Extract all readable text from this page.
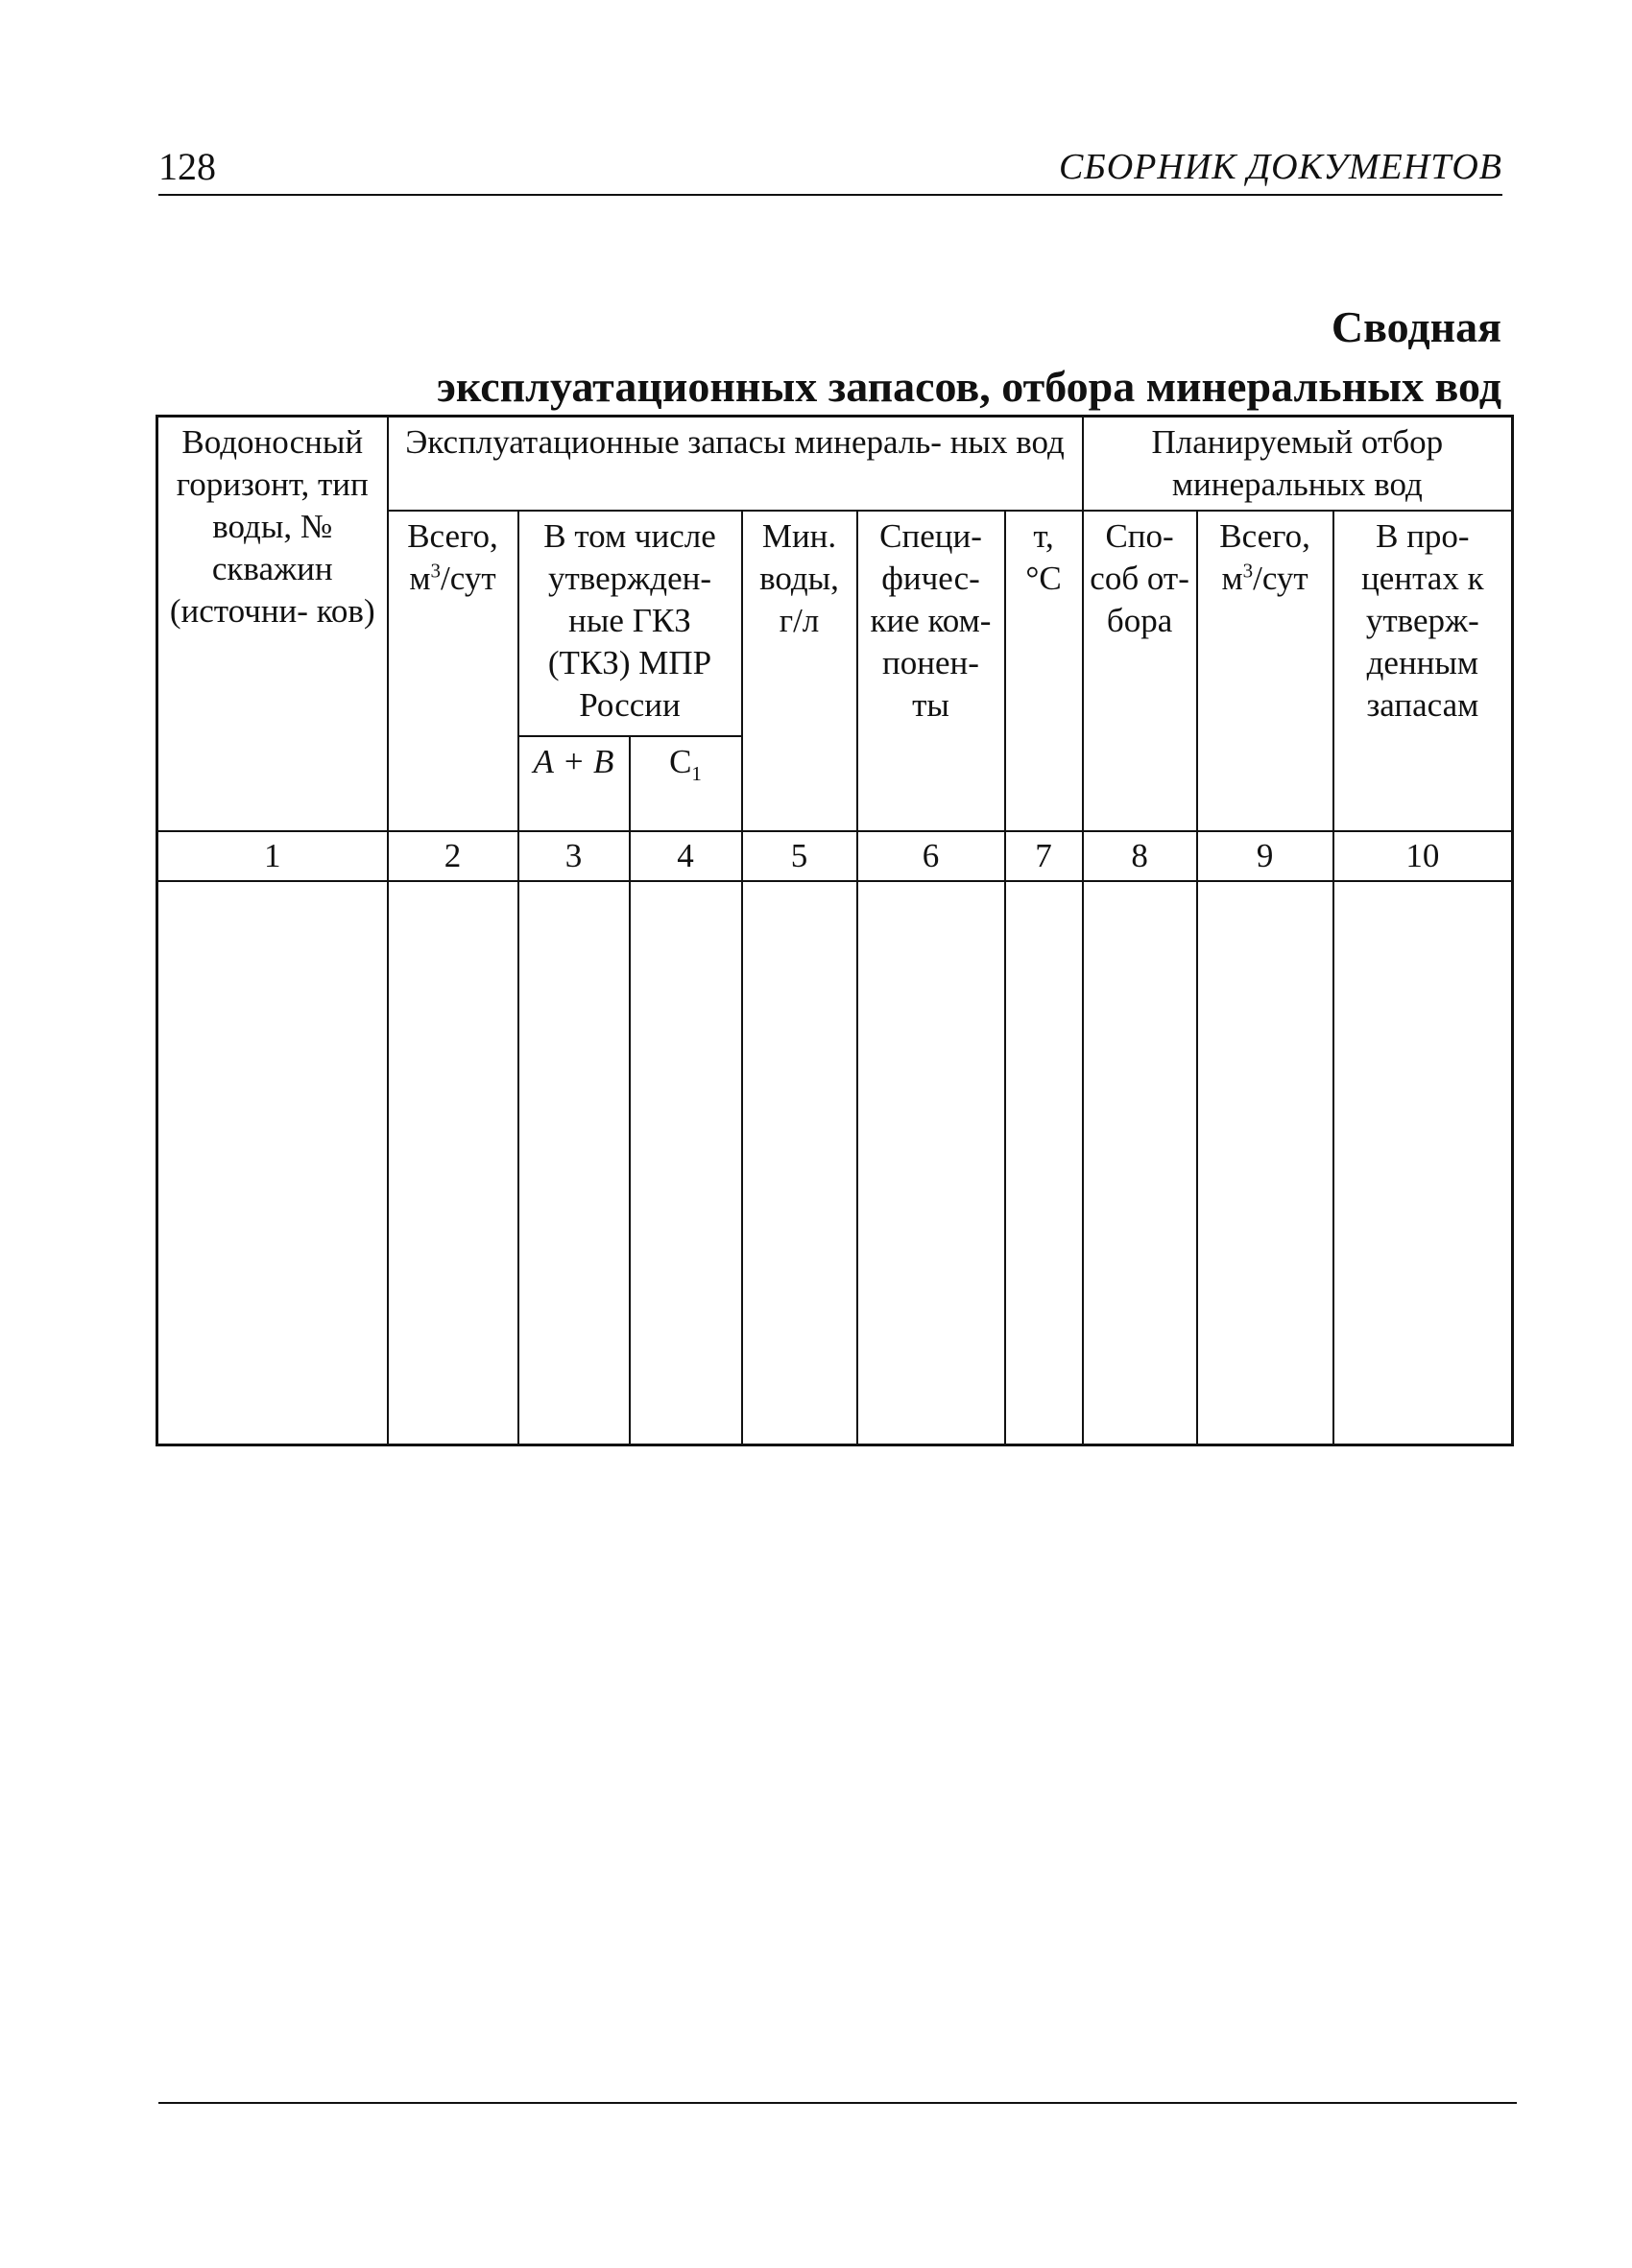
128	СБОРНИК ДОКУМЕНТОВ
Сводная
эксплуатационных запасов, отбора минеральных вод
Водоносный горизонт, тип воды, № скважин (источни- ков)	Эксплуатационные запасы минераль- ных вод						Планируемый отбор минеральных вод		
	Всего, $м^3$/сут	В том числе утвержден- ные ГКЗ (ТКЗ) МПР России		Мин. воды, г/л	Специ- фичес- кие ком- понен- ты	т, °С	Спо- соб от- бора	Всего, $м^3$/сут	В про- центах к утверж- денным запасам
		А + В	$С_1$
1	2	3	4	5	6	7	8	9	10
